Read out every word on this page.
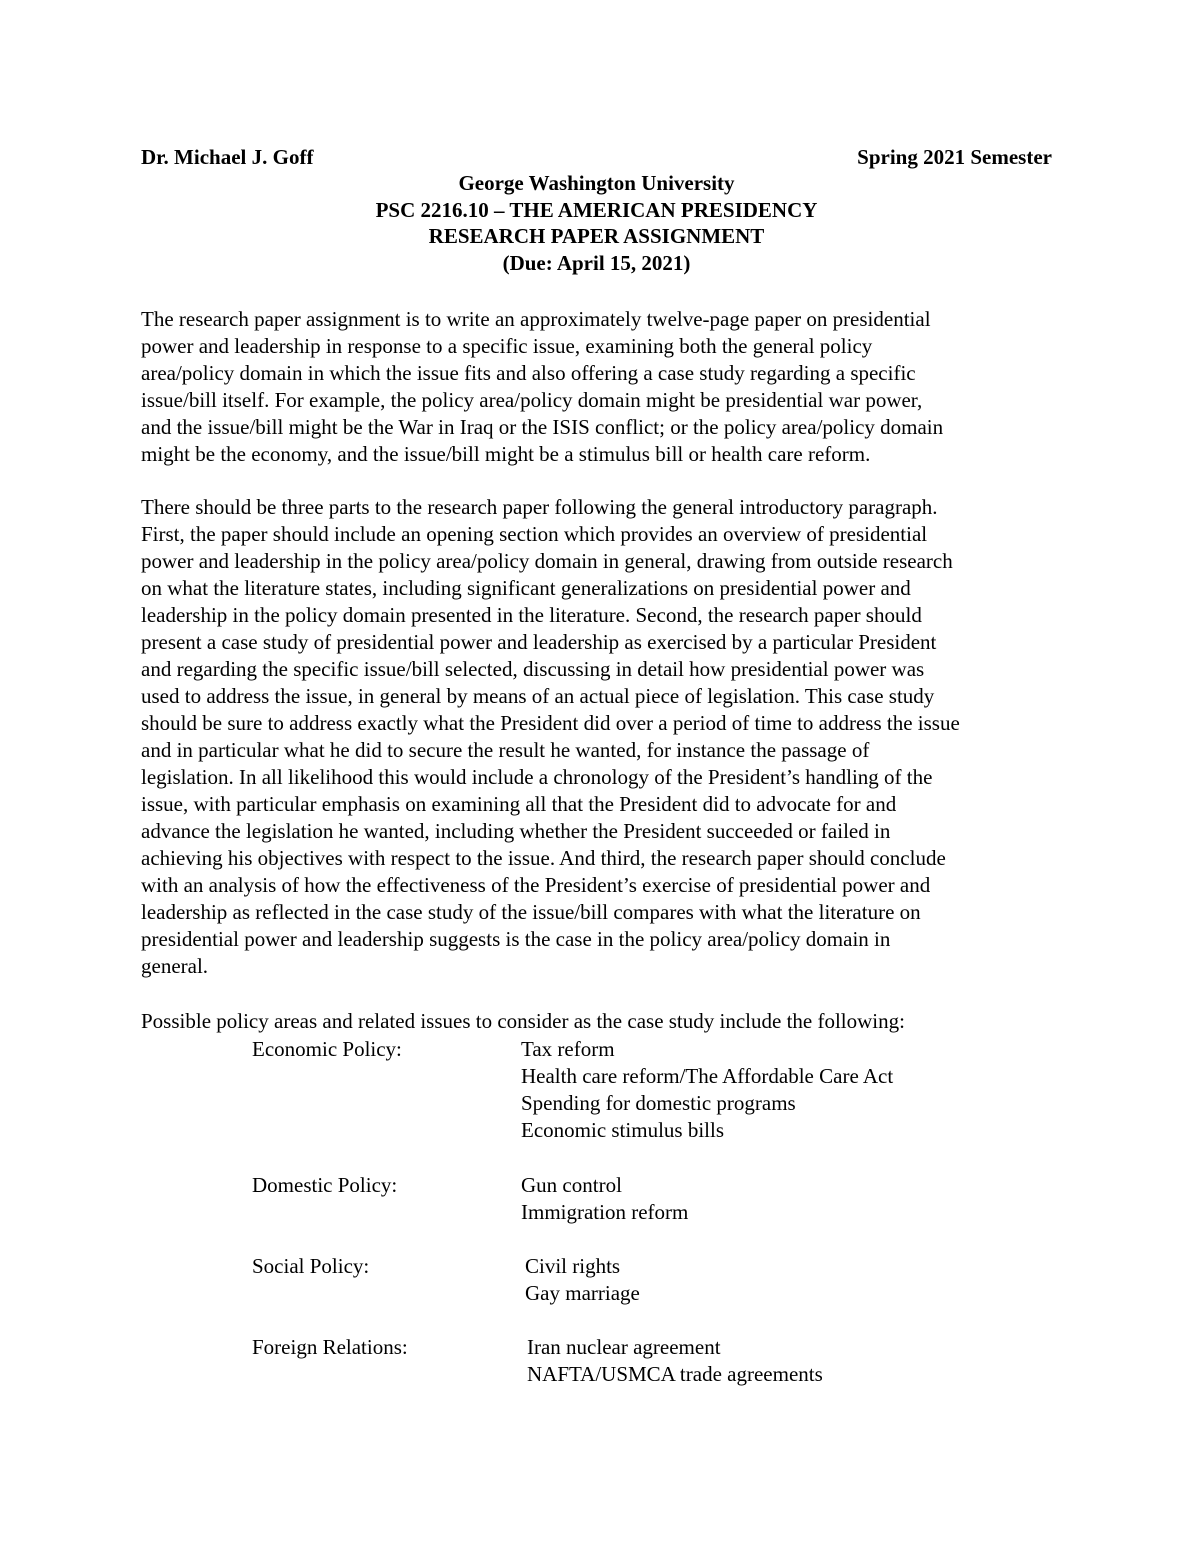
Dr. Michael J. Goff	Spring 2021 Semester
George Washington University
PSC 2216.10 – THE AMERICAN PRESIDENCY
RESEARCH PAPER ASSIGNMENT
(Due: April 15, 2021)
The research paper assignment is to write an approximately twelve-page paper on presidential
power and leadership in response to a specific issue, examining both the general policy
area/policy domain in which the issue fits and also offering a case study regarding a specific
issue/bill itself. For example, the policy area/policy domain might be presidential war power,
and the issue/bill might be the War in Iraq or the ISIS conflict; or the policy area/policy domain
might be the economy, and the issue/bill might be a stimulus bill or health care reform.
There should be three parts to the research paper following the general introductory paragraph.
First, the paper should include an opening section which provides an overview of presidential
power and leadership in the policy area/policy domain in general, drawing from outside research
on what the literature states, including significant generalizations on presidential power and
leadership in the policy domain presented in the literature. Second, the research paper should
present a case study of presidential power and leadership as exercised by a particular President
and regarding the specific issue/bill selected, discussing in detail how presidential power was
used to address the issue, in general by means of an actual piece of legislation. This case study
should be sure to address exactly what the President did over a period of time to address the issue
and in particular what he did to secure the result he wanted, for instance the passage of
legislation. In all likelihood this would include a chronology of the President’s handling of the
issue, with particular emphasis on examining all that the President did to advocate for and
advance the legislation he wanted, including whether the President succeeded or failed in
achieving his objectives with respect to the issue. And third, the research paper should conclude
with an analysis of how the effectiveness of the President’s exercise of presidential power and
leadership as reflected in the case study of the issue/bill compares with what the literature on
presidential power and leadership suggests is the case in the policy area/policy domain in
general.
Possible policy areas and related issues to consider as the case study include the following:
Economic Policy:	Tax reform
Health care reform/The Affordable Care Act
Spending for domestic programs
Economic stimulus bills
Domestic Policy:	Gun control
Immigration reform
Social Policy:	Civil rights
Gay marriage
Foreign Relations:	Iran nuclear agreement
NAFTA/USMCA trade agreements
